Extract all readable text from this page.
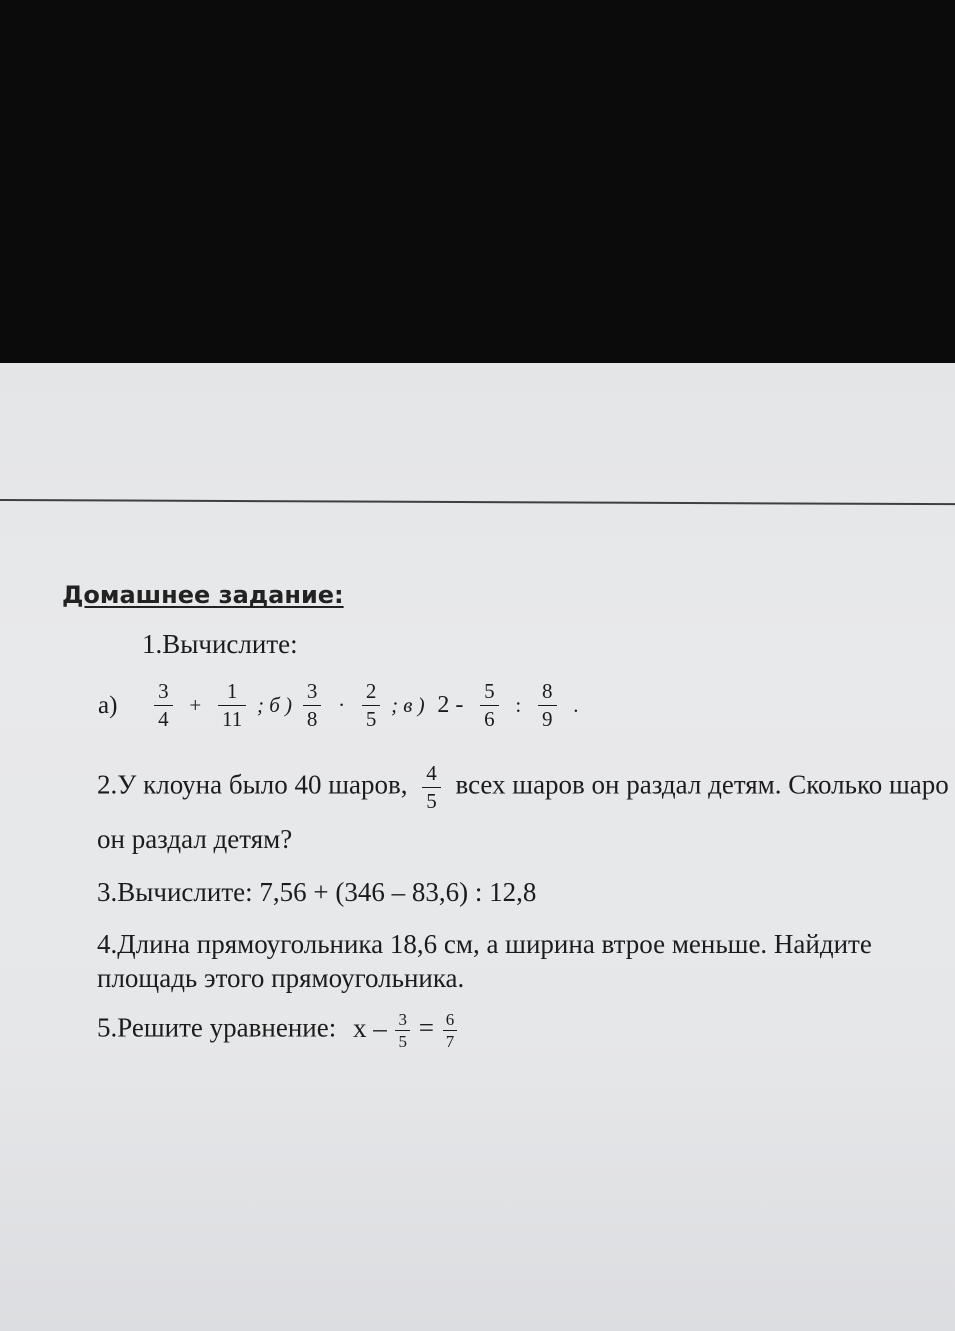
Домашнее задание:
1.Вычислите:
$а) \frac{3}{4} + \frac{1}{11}$ ; б ) $\frac{3}{8} \cdot \frac{2}{5}$ ; в ) $2 - \frac{5}{6}$ : $\frac{8}{9}$ .
2.У клоуна было 40 шаров, $\frac{4}{5}$ всех шаров он раздал детям. Сколько шаро
он раздал детям?
3.Вычислите: 7,56 + (346 – 83,6) : 12,8
4.Длина прямоугольника 18,6 см, а ширина втрое меньше. Найдите
площадь этого прямоугольника.
5.Решите уравнение: $x - \frac{3}{5} = \frac{6}{7}$
